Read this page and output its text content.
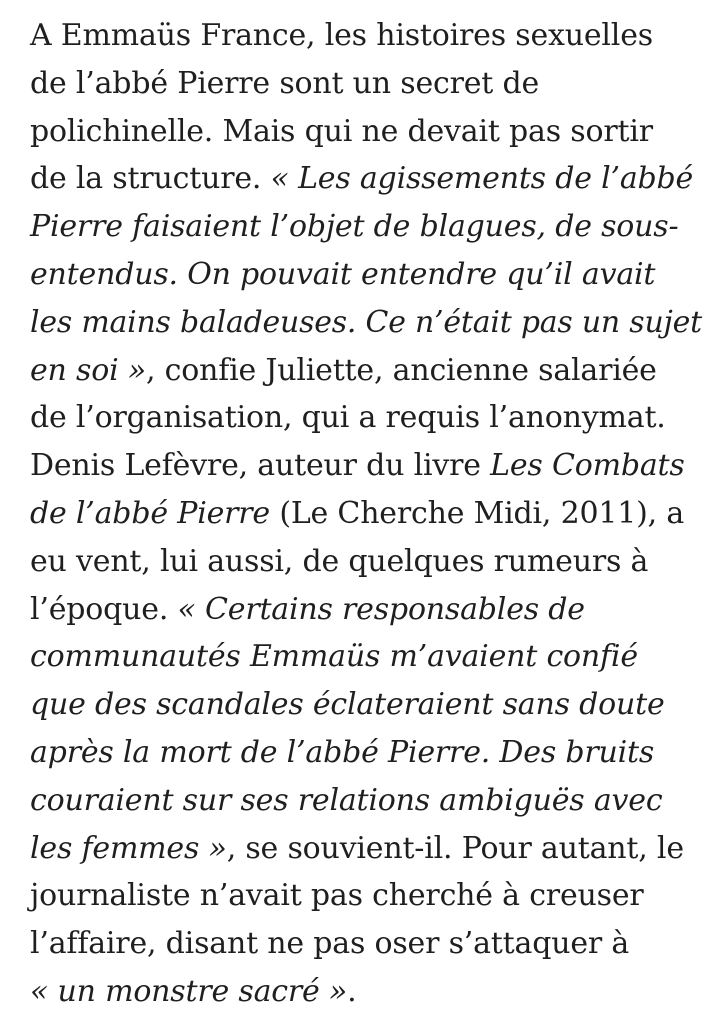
A Emmaüs France, les histoires sexuelles
de l’abbé Pierre sont un secret de
polichinelle. Mais qui ne devait pas sortir
de la structure. « Les agissements de l’abbé
Pierre faisaient l’objet de blagues, de sous-
entendus. On pouvait entendre qu’il avait
les mains baladeuses. Ce n’était pas un sujet
en soi », confie Juliette, ancienne salariée
de l’organisation, qui a requis l’anonymat.
Denis Lefèvre, auteur du livre Les Combats
de l’abbé Pierre (Le Cherche Midi, 2011), a
eu vent, lui aussi, de quelques rumeurs à
l’époque. « Certains responsables de
communautés Emmaüs m’avaient confié
que des scandales éclateraient sans doute
après la mort de l’abbé Pierre. Des bruits
couraient sur ses relations ambiguës avec
les femmes », se souvient-il. Pour autant, le
journaliste n’avait pas cherché à creuser
l’affaire, disant ne pas oser s’attaquer à
« un monstre sacré ».
